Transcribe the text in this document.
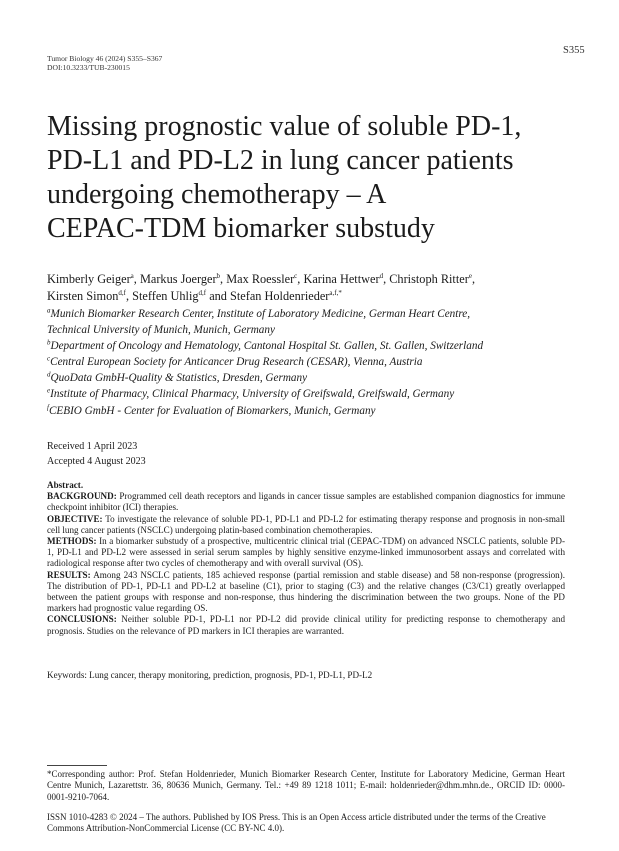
Tumor Biology 46 (2024) S355–S367
DOI:10.3233/TUB-230015
S355
Missing prognostic value of soluble PD-1,
PD-L1 and PD-L2 in lung cancer patients
undergoing chemotherapy – A
CEPAC-TDM biomarker substudy
Kimberly Geiger$^a$, Markus Joerger$^b$, Max Roessler$^c$, Karina Hettwer$^d$, Christoph Ritter$^e$,
Kirsten Simon$^{d,f}$, Steffen Uhlig$^{d,f}$ and Stefan Holdenrieder$^{a,f,*}$
$^a$Munich Biomarker Research Center, Institute of Laboratory Medicine, German Heart Centre,
Technical University of Munich, Munich, Germany
$^b$Department of Oncology and Hematology, Cantonal Hospital St. Gallen, St. Gallen, Switzerland
$^c$Central European Society for Anticancer Drug Research (CESAR), Vienna, Austria
$^d$QuoData GmbH-Quality & Statistics, Dresden, Germany
$^e$Institute of Pharmacy, Clinical Pharmacy, University of Greifswald, Greifswald, Germany
$^f$CEBIO GmbH - Center for Evaluation of Biomarkers, Munich, Germany
Received 1 April 2023
Accepted 4 August 2023

Abstract.

BACKGROUND: Programmed cell death receptors and ligands in cancer tissue samples are established companion diagnostics for immune checkpoint inhibitor (ICI) therapies.

OBJECTIVE: To investigate the relevance of soluble PD-1, PD-L1 and PD-L2 for estimating therapy response and prognosis in non-small cell lung cancer patients (NSCLC) undergoing platin-based combination chemotherapies.

METHODS: In a biomarker substudy of a prospective, multicentric clinical trial (CEPAC-TDM) on advanced NSCLC patients, soluble PD-1, PD-L1 and PD-L2 were assessed in serial serum samples by highly sensitive enzyme-linked immunosorbent assays and correlated with radiological response after two cycles of chemotherapy and with overall survival (OS).

RESULTS: Among 243 NSCLC patients, 185 achieved response (partial remission and stable disease) and 58 non-response (progression). The distribution of PD-1, PD-L1 and PD-L2 at baseline (C1), prior to staging (C3) and the relative changes (C3/C1) greatly overlapped between the patient groups with response and non-response, thus hindering the discrimination between the two groups. None of the PD markers had prognostic value regarding OS.

CONCLUSIONS: Neither soluble PD-1, PD-L1 nor PD-L2 did provide clinical utility for predicting response to chemotherapy and prognosis. Studies on the relevance of PD markers in ICI therapies are warranted.

Keywords: Lung cancer, therapy monitoring, prediction, prognosis, PD-1, PD-L1, PD-L2
*Corresponding author: Prof. Stefan Holdenrieder, Munich Biomarker Research Center, Institute for Laboratory Medicine, German Heart Centre Munich, Lazarettstr. 36, 80636 Munich, Germany. Tel.: +49 89 1218 1011; E-mail: holdenrieder@dhm.mhn.de., ORCID ID: 0000-0001-9210-7064.
ISSN 1010-4283 © 2024 – The authors. Published by IOS Press. This is an Open Access article distributed under the terms of the Creative Commons Attribution-NonCommercial License (CC BY-NC 4.0).
